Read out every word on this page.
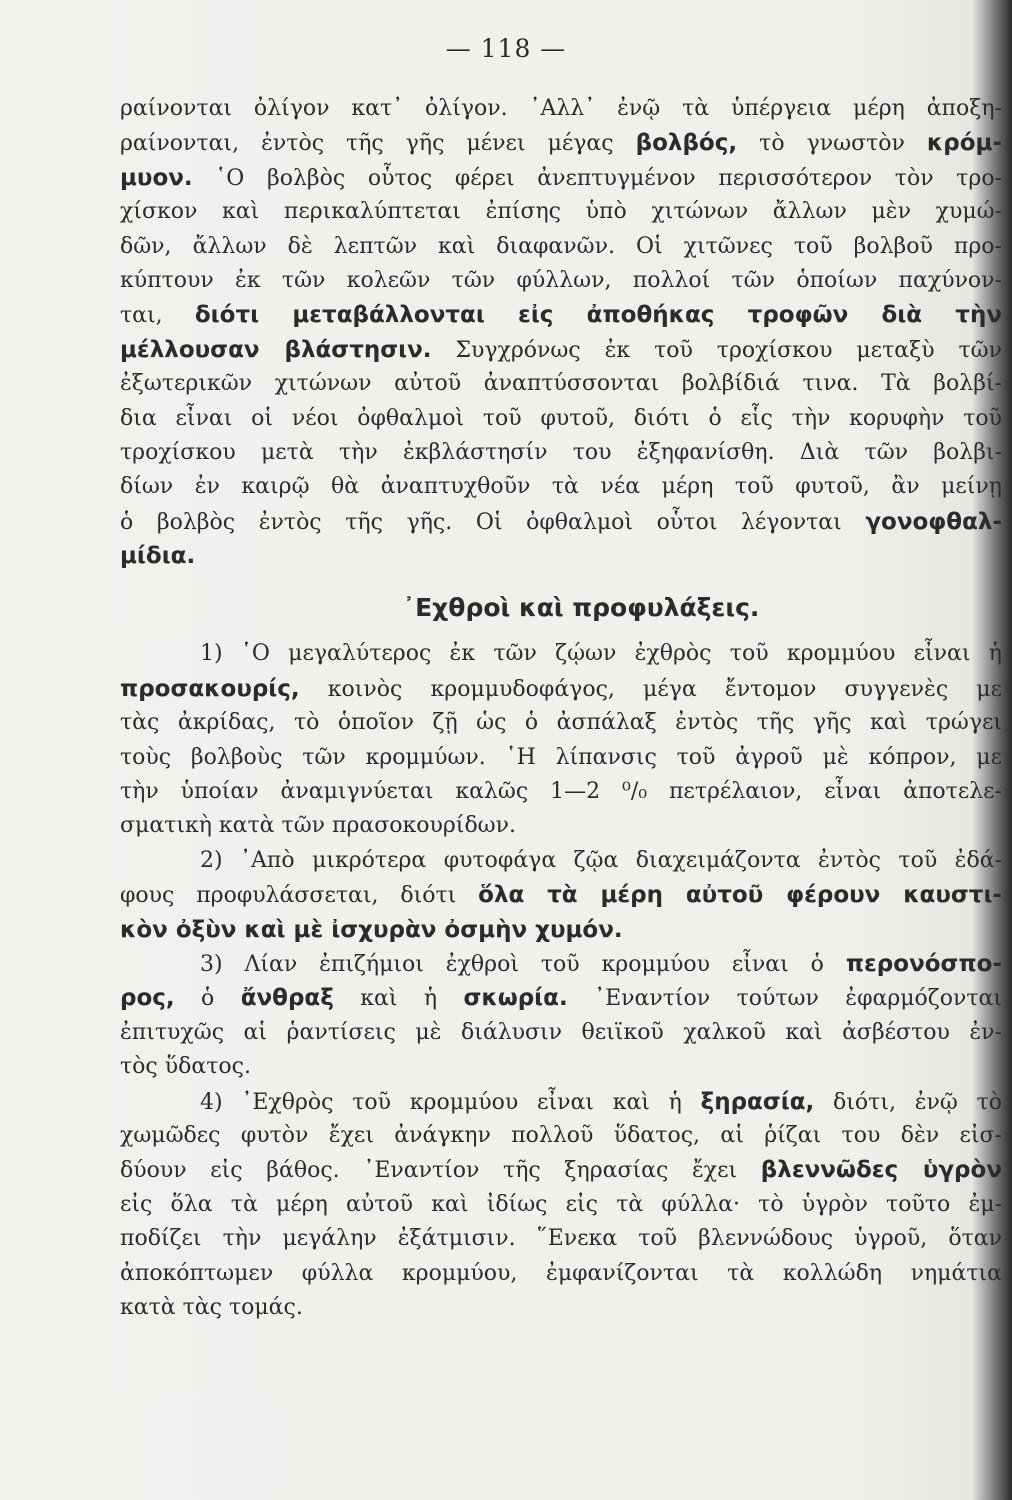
— 118 —
ραίνονται ὀλίγον κατ᾽ ὀλίγον. ᾽Αλλ᾽ ἐνῷ τὰ ὑπέργεια μέρη ἀποξη-
ραίνονται, ἐντὸς τῆς γῆς μένει μέγας βολβός, τὸ γνωστὸν κρόμ-
μυον. ῾Ο βολβὸς οὗτος φέρει ἀνεπτυγμένον περισσότερον τὸν τρο-
χίσκον καὶ περικαλύπτεται ἐπίσης ὑπὸ χιτώνων ἄλλων μὲν χυμώ-
δῶν, ἄλλων δὲ λεπτῶν καὶ διαφανῶν. Οἱ χιτῶνες τοῦ βολβοῦ προ-
κύπτουν ἐκ τῶν κολεῶν τῶν φύλλων, πολλοί τῶν ὁποίων παχύνον-
ται, διότι μεταβάλλονται εἰς ἀποθήκας τροφῶν διὰ τὴν
μέλλουσαν βλάστησιν. Συγχρόνως ἐκ τοῦ τροχίσκου μεταξὺ τῶν
ἐξωτερικῶν χιτώνων αὐτοῦ ἀναπτύσσονται βολβίδιά τινα. Τὰ βολβί-
δια εἶναι οἱ νέοι ὀφθαλμοὶ τοῦ φυτοῦ, διότι ὁ εἷς τὴν κορυφὴν τοῦ
τροχίσκου μετὰ τὴν ἐκβλάστησίν του ἐξηφανίσθη. Διὰ τῶν βολβι-
δίων ἐν καιρῷ θὰ ἀναπτυχθοῦν τὰ νέα μέρη τοῦ φυτοῦ, ἂν μείνῃ
ὁ βολβὸς ἐντὸς τῆς γῆς. Οἱ ὀφθαλμοὶ οὗτοι λέγονται γονοφθαλ-
μίδια.
᾽Εχθροὶ καὶ προφυλάξεις.
1) ῾Ο μεγαλύτερος ἐκ τῶν ζῴων ἐχθρὸς τοῦ κρομμύου εἶναι ἡ
προσακουρίς, κοινὸς κρομμυδοφάγος, μέγα ἔντομον συγγενὲς με
τὰς ἀκρίδας, τὸ ὁποῖον ζῇ ὡς ὁ ἀσπάλαξ ἐντὸς τῆς γῆς καὶ τρώγει
τοὺς βολβοὺς τῶν κρομμύων. ῾Η λίπανσις τοῦ ἀγροῦ μὲ κόπρον, με
τὴν ὑποίαν ἀναμιγνύεται καλῶς 1—2 ⁰/₀ πετρέλαιον, εἶναι ἀποτελε-
σματικὴ κατὰ τῶν πρασοκουρίδων.
2) ᾽Απὸ μικρότερα φυτοφάγα ζῷα διαχειμάζοντα ἐντὸς τοῦ ἐδά-
φους προφυλάσσεται, διότι ὅλα τὰ μέρη αὐτοῦ φέρουν καυστι-
κὸν ὀξὺν καὶ μὲ ἰσχυρὰν ὀσμὴν χυμόν.
3) Λίαν ἐπιζήμιοι ἐχθροὶ τοῦ κρομμύου εἶναι ὁ περονόσπο-
ρος, ὁ ἄνθραξ καὶ ἡ σκωρία. ᾽Εναντίον τούτων ἐφαρμόζονται
ἐπιτυχῶς αἱ ῥαντίσεις μὲ διάλυσιν θειϊκοῦ χαλκοῦ καὶ ἀσβέστου ἐν-
τὸς ὕδατος.
4) ᾽Εχθρὸς τοῦ κρομμύου εἶναι καὶ ἡ ξηρασία, διότι, ἐνῷ τὸ
χωμῶδες φυτὸν ἔχει ἀνάγκην πολλοῦ ὕδατος, αἱ ῥίζαι του δὲν εἰσ-
δύουν εἰς βάθος. ᾽Εναντίον τῆς ξηρασίας ἔχει βλεννῶδες ὑγρὸν
εἰς ὅλα τὰ μέρη αὐτοῦ καὶ ἰδίως εἰς τὰ φύλλα· τὸ ὑγρὸν τοῦτο ἐμ-
ποδίζει τὴν μεγάλην ἐξάτμισιν. ῞Ενεκα τοῦ βλεννώδους ὑγροῦ, ὅταν
ἀποκόπτωμεν φύλλα κρομμύου, ἐμφανίζονται τὰ κολλώδη νημάτια
κατὰ τὰς τομάς.
